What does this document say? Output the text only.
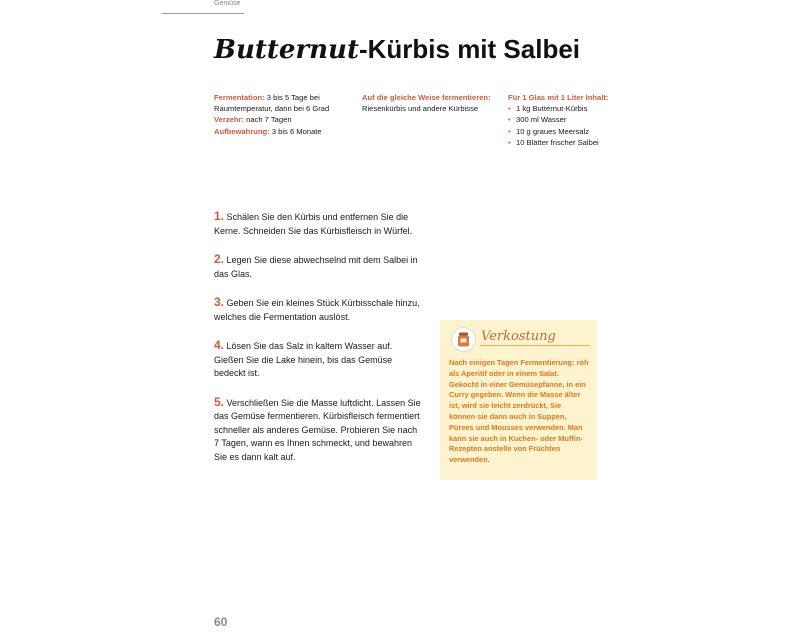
Gemüse
Butternut-Kürbis mit Salbei
Fermentation: 3 bis 5 Tage bei Raumtemperatur, dann bei 6 Grad
Verzehr: nach 7 Tagen
Aufbewahrung: 3 bis 6 Monate
Auf die gleiche Weise fermentieren: Riesenkürbis und andere Kürbisse
Für 1 Glas mit 1 Liter Inhalt:
• 1 kg Butternut-Kürbis
• 300 ml Wasser
• 10 g graues Meersalz
• 10 Blätter frischer Salbei

1. Schälen Sie den Kürbis und entfernen Sie die Kerne. Schneiden Sie das Kürbisfleisch in Würfel.

2. Legen Sie diese abwechselnd mit dem Salbei in das Glas.

3. Geben Sie ein kleines Stück Kürbisschale hinzu, welches die Fermentation auslöst.

4. Lösen Sie das Salz in kaltem Wasser auf. Gießen Sie die Lake hinein, bis das Gemüse bedeckt ist.

5. Verschließen Sie die Masse luftdicht. Lassen Sie das Gemüse fermentieren. Kürbisfleisch fermentiert schneller als anderes Gemüse. Probieren Sie nach 7 Tagen, wann es Ihnen schmeckt, und bewahren Sie es dann kalt auf.

Verkostung
Nach einigen Tagen Fermentierung: roh als Aperitif oder in einem Salat. Gekocht in einer Gemüsepfanne, in ein Curry gegeben. Wenn die Masse älter ist, wird sie leicht zerdrückt, Sie können sie dann auch in Suppen, Pürees und Mousses verwenden. Man kann sie auch in Kuchen- oder Muffin-Rezepten anstelle von Früchten verwenden.
60
